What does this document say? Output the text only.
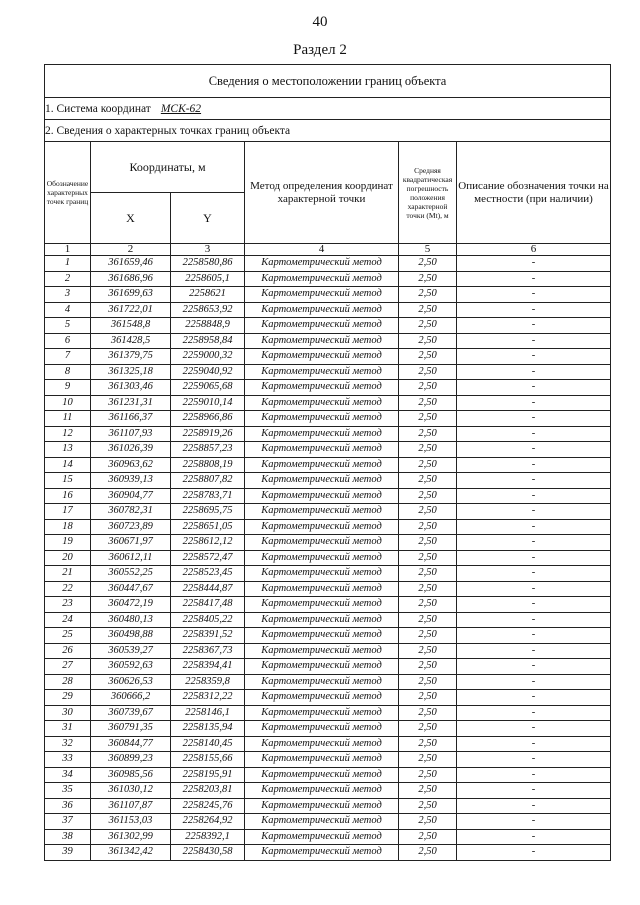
40
Раздел 2
Сведения о местоположении границ объекта					
1. Система координат МСК-62					
2. Сведения о характерных точках границ объекта					
Обозначение характерных точек границ	Координаты, м		Метод определения координат характерной точки	Средняя квадратическая погрешность положения характерной точки (Мt), м	Описание обозначения точки на местности (при наличии)
	X	Y			
1	2	3	4	5	6
1	361659,46	2258580,86	Картометрический метод	2,50	-
2	361686,96	2258605,1	Картометрический метод	2,50	-
3	361699,63	2258621	Картометрический метод	2,50	-
4	361722,01	2258653,92	Картометрический метод	2,50	-
5	361548,8	2258848,9	Картометрический метод	2,50	-
6	361428,5	2258958,84	Картометрический метод	2,50	-
7	361379,75	2259000,32	Картометрический метод	2,50	-
8	361325,18	2259040,92	Картометрический метод	2,50	-
9	361303,46	2259065,68	Картометрический метод	2,50	-
10	361231,31	2259010,14	Картометрический метод	2,50	-
11	361166,37	2258966,86	Картометрический метод	2,50	-
12	361107,93	2258919,26	Картометрический метод	2,50	-
13	361026,39	2258857,23	Картометрический метод	2,50	-
14	360963,62	2258808,19	Картометрический метод	2,50	-
15	360939,13	2258807,82	Картометрический метод	2,50	-
16	360904,77	2258783,71	Картометрический метод	2,50	-
17	360782,31	2258695,75	Картометрический метод	2,50	-
18	360723,89	2258651,05	Картометрический метод	2,50	-
19	360671,97	2258612,12	Картометрический метод	2,50	-
20	360612,11	2258572,47	Картометрический метод	2,50	-
21	360552,25	2258523,45	Картометрический метод	2,50	-
22	360447,67	2258444,87	Картометрический метод	2,50	-
23	360472,19	2258417,48	Картометрический метод	2,50	-
24	360480,13	2258405,22	Картометрический метод	2,50	-
25	360498,88	2258391,52	Картометрический метод	2,50	-
26	360539,27	2258367,73	Картометрический метод	2,50	-
27	360592,63	2258394,41	Картометрический метод	2,50	-
28	360626,53	2258359,8	Картометрический метод	2,50	-
29	360666,2	2258312,22	Картометрический метод	2,50	-
30	360739,67	2258146,1	Картометрический метод	2,50	-
31	360791,35	2258135,94	Картометрический метод	2,50	-
32	360844,77	2258140,45	Картометрический метод	2,50	-
33	360899,23	2258155,66	Картометрический метод	2,50	-
34	360985,56	2258195,91	Картометрический метод	2,50	-
35	361030,12	2258203,81	Картометрический метод	2,50	-
36	361107,87	2258245,76	Картометрический метод	2,50	-
37	361153,03	2258264,92	Картометрический метод	2,50	-
38	361302,99	2258392,1	Картометрический метод	2,50	-
39	361342,42	2258430,58	Картометрический метод	2,50	-
